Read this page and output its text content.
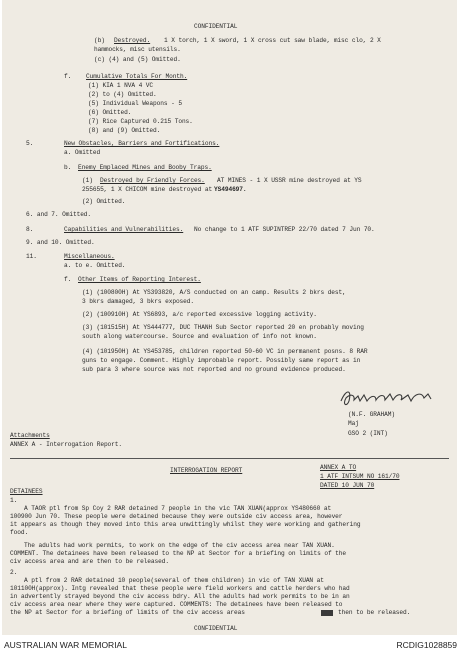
CONFIDENTIAL
(b) Destroyed. 1 X torch, 1 X sword, 1 X cross cut saw blade, misc clo, 2 X
hammocks, misc utensils.
(c) (4) and (5) Omitted.
f. Cumulative Totals For Month.
(1) KIA 1 NVA 4 VC
(2) to (4) Omitted.
(5) Individual Weapons - 5
(6) Omitted.
(7) Rice Captured 0.215 Tons.
(8) and (9) Omitted.
5.	New Obstacles, Barriers and Fortifications.
a. Omitted
b. Enemy Emplaced Mines and Booby Traps.
(1) Destroyed by Friendly Forces. AT MINES - 1 X USSR mine destroyed at YS
255655, 1 X CHICOM mine destroyed at YS494697.
(2) Omitted.
6. and 7. Omitted.
8.	Capabilities and Vulnerabilities. No change to 1 ATF SUPINTREP 22/70 dated 7 Jun 70.
9. and 10. Omitted.
11.	Miscellaneous.
a. to e. Omitted.
f. Other Items of Reporting Interest.
(1) (100800H) At YS393820, A/S conducted on an camp. Results 2 bkrs dest,
3 bkrs damaged, 3 bkrs exposed.
(2) (100910H) At YS6893, a/c reported excessive logging activity.
(3) (101515H) At YS444777, DUC THANH Sub Sector reported 20 en probably moving
south along watercourse. Source and evaluation of info not known.
(4) (101950H) At YS453785, children reported 50-60 VC in permanent posns. 8 RAR
guns to engage. Comment. Highly improbable report. Possibly same report as in
sub para 3 where source was not reported and no ground evidence produced.
(N.F. GRAHAM)
Maj
GSO 2 (INT)
Attachments
ANNEX A - Interrogation Report.
INTERROGATION REPORT	ANNEX A TO
1 ATF INTSUM NO 161/70
DATED 10 JUN 70
DETAINEES
1.
A TAOR ptl from Sp Coy 2 RAR detained 7 people in the vic TAN XUAN(approx YS480660 at
100900 Jun 70. These people were detained because they were outside civ access area, however
it appears as though they moved into this area unwittingly whilst they were working and gathering
food.
The adults had work permits, to work on the edge of the civ access area near TAN XUAN.
COMMENT. The detainees have been released to the NP at Sector for a briefing on limits of the
civ access area and are then to be released.
2.
A ptl from 2 RAR detained 10 people(several of them children) in vic of TAN XUAN at
101100H(approx). Intg revealed that these people were field workers and cattle herders who had
in advertently strayed beyond the civ access bdry. All the adults had work permits to be in an
civ access area near where they were captured. COMMENTS: The detainees have been released to
the NP at Sector for a briefing of limits of the civ access areas	then to be released.
CONFIDENTIAL
AUSTRALIAN WAR MEMORIAL	RCDIG1028859
